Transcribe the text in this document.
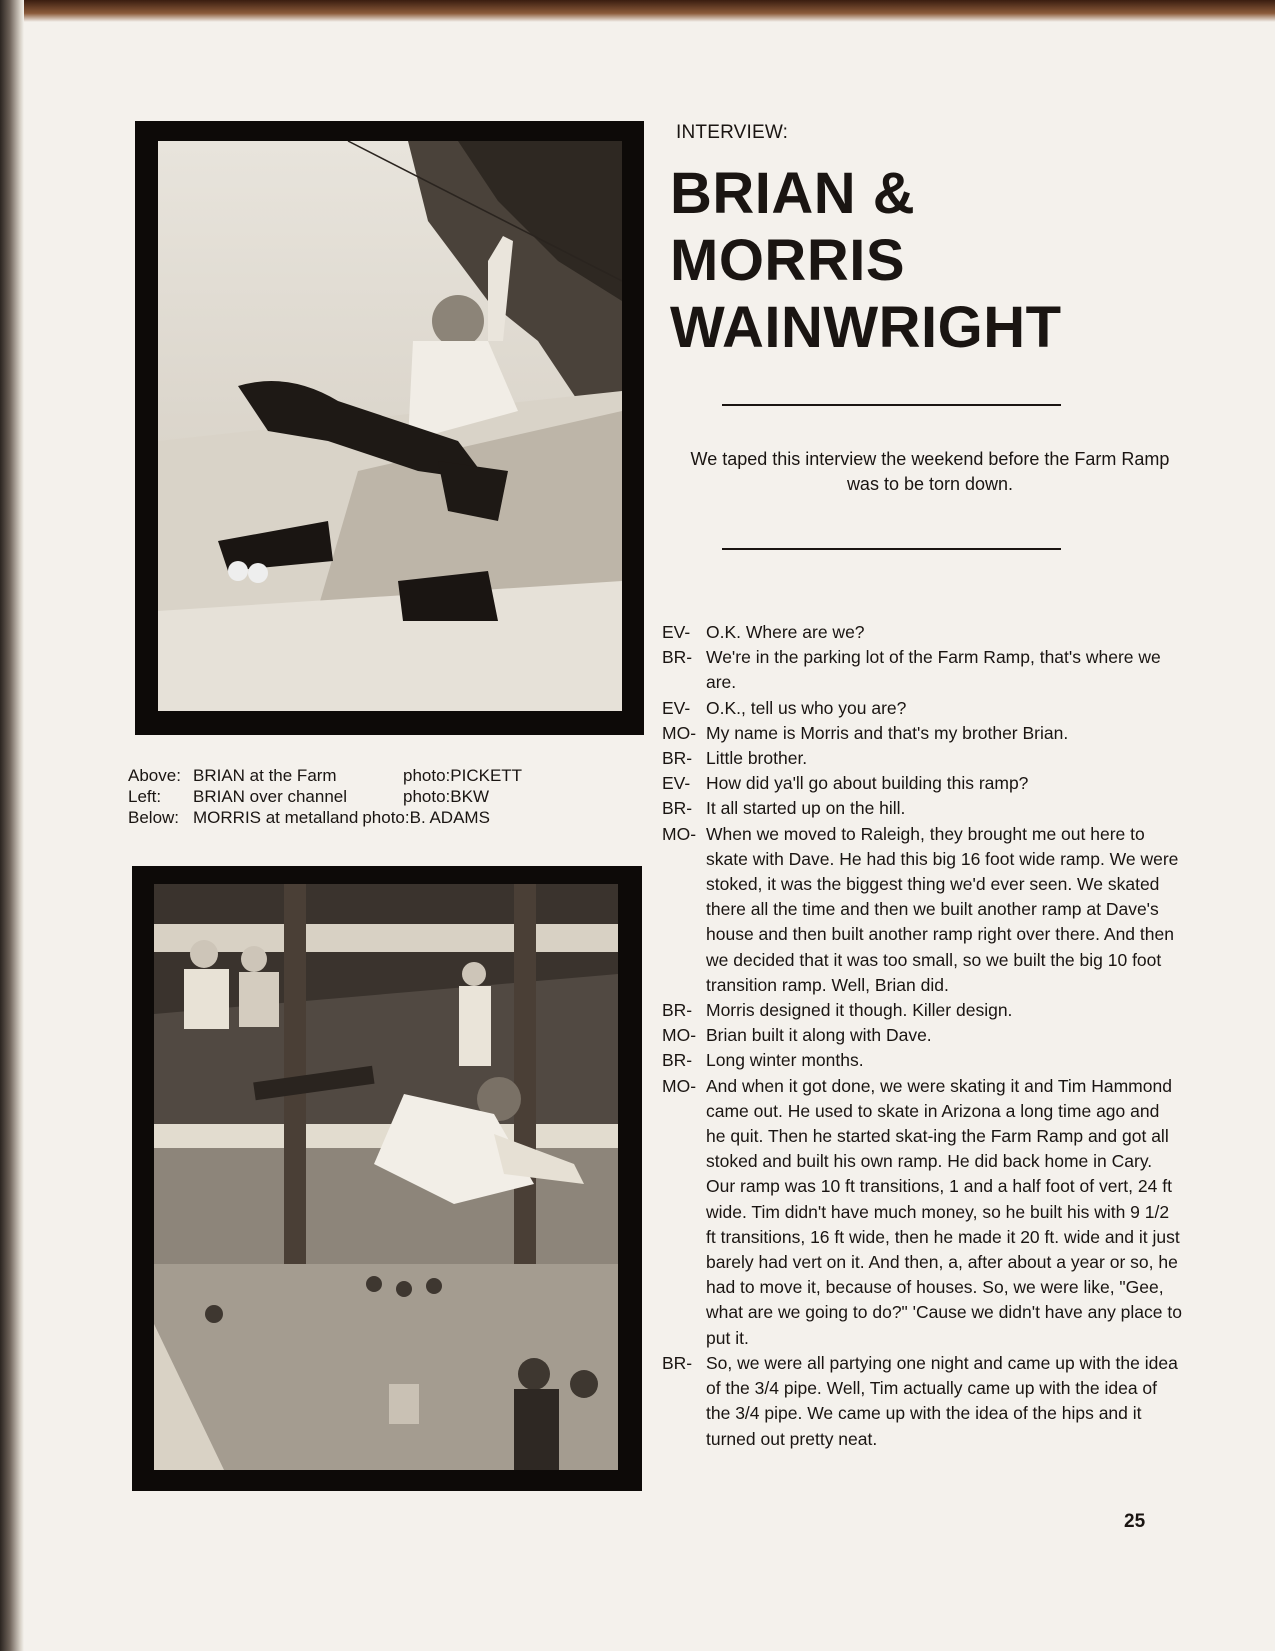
Above: BRIAN at the Farm	photo:PICKETT
Left:	BRIAN over channel	photo:BKW
Below: MORRIS at metalland photo:B. ADAMS
INTERVIEW:
BRIAN &
MORRIS
WAINWRIGHT
We taped this interview the weekend before the Farm Ramp was to be torn down.
EV- O.K. Where are we?
BR- We're in the parking lot of the Farm Ramp, that's where we are.
EV- O.K., tell us who you are?
MO- My name is Morris and that's my brother Brian.
BR- Little brother.
EV- How did ya'll go about building this ramp?
BR- It all started up on the hill.
MO- When we moved to Raleigh, they brought me out here to skate with Dave. He had this big 16 foot wide ramp. We were stoked, it was the biggest thing we'd ever seen. We skated there all the time and then we built another ramp at Dave's house and then built another ramp right over there. And then we decided that it was too small, so we built the big 10 foot transition ramp. Well, Brian did.
BR- Morris designed it though. Killer design.
MO- Brian built it along with Dave.
BR- Long winter months.
MO- And when it got done, we were skating it and Tim Hammond came out. He used to skate in Arizona a long time ago and he quit. Then he started skat-ing the Farm Ramp and got all stoked and built his own ramp. He did back home in Cary. Our ramp was 10 ft transitions, 1 and a half foot of vert, 24 ft wide. Tim didn't have much money, so he built his with 9 1/2 ft transitions, 16 ft wide, then he made it 20 ft. wide and it just barely had vert on it. And then, a, after about a year or so, he had to move it, because of houses. So, we were like, "Gee, what are we going to do?" 'Cause we didn't have any place to put it.
BR- So, we were all partying one night and came up with the idea of the 3/4 pipe. Well, Tim actually came up with the idea of the 3/4 pipe. We came up with the idea of the hips and it turned out pretty neat.
25
